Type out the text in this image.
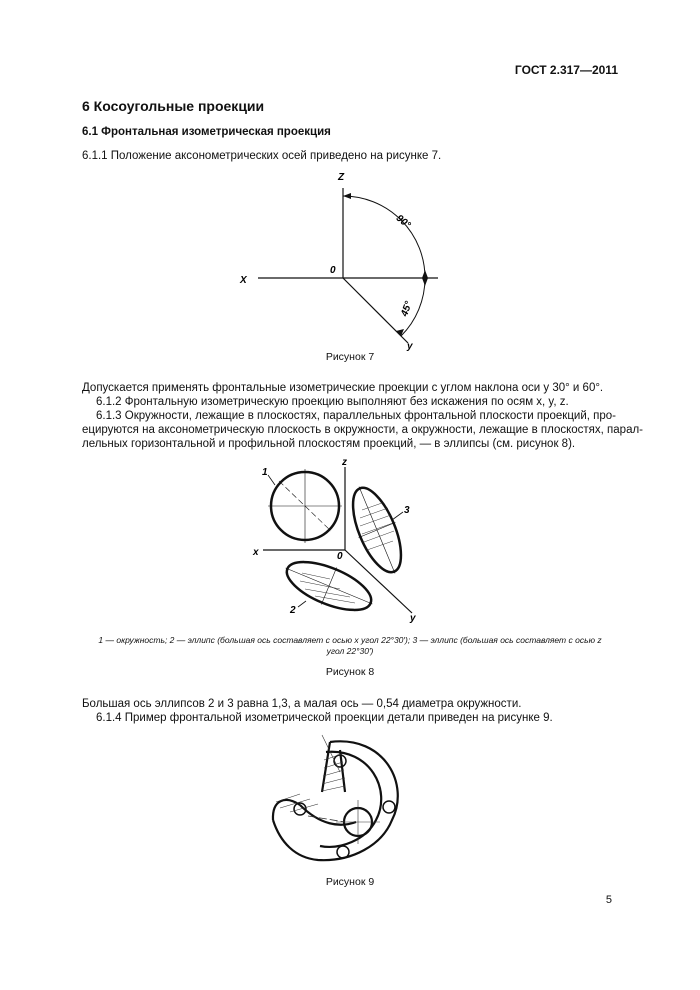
ГОСТ 2.317—2011
6 Косоугольные проекции
6.1 Фронтальная изометрическая проекция
6.1.1 Положение аксонометрических осей приведено на рисунке 7.
Z
X
0
y
90°
45°
Рисунок 7
Допускается применять фронтальные изометрические проекции с углом наклона оси y 30° и 60°.
6.1.2 Фронтальную изометрическую проекцию выполняют без искажения по осям x, y, z.
6.1.3 Окружности, лежащие в плоскостях, параллельных фронтальной плоскости проекций, про-
ецируются на аксонометрическую плоскость в окружности, а окружности, лежащие в плоскостях, парал-
лельных горизонтальной и профильной плоскостям проекций, — в эллипсы (см. рисунок 8).
z
x	0
y
1
3
2
1 — окружность; 2 — эллипс (большая ось составляет с осью x угол 22°30′); 3 — эллипс (большая ось составляет с осью z
угол 22°30′)
Рисунок 8
Большая ось эллипсов 2 и 3 равна 1,3, а малая ось — 0,54 диаметра окружности.
6.1.4 Пример фронтальной изометрической проекции детали приведен на рисунке 9.
Рисунок 9
5
